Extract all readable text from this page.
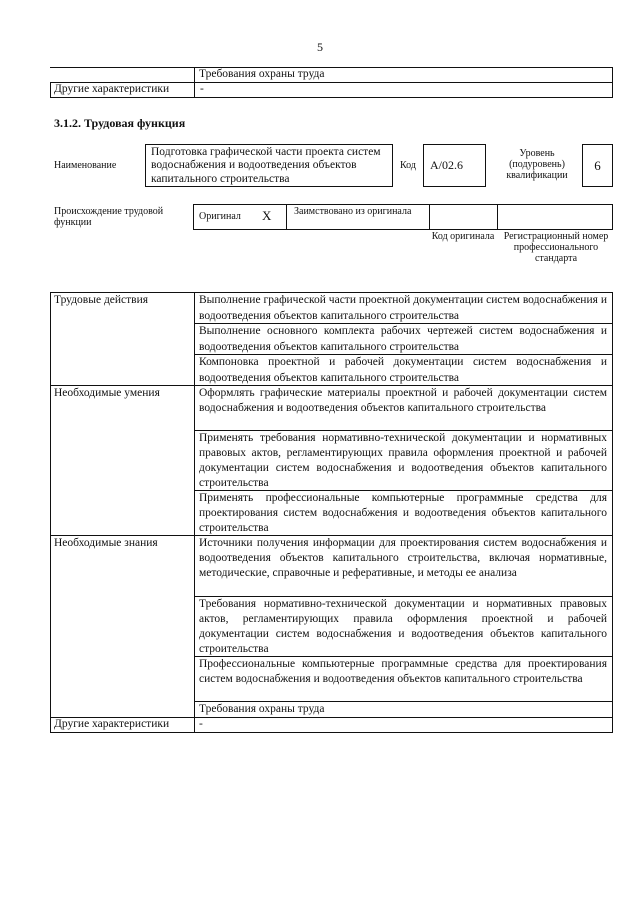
5
Требования охраны труда
Другие характеристики	-
3.1.2. Трудовая функция
Наименование
Подготовка графической части проекта систем водоснабжения и водоотведения объектов капитального строительства
Код А/02.6
Уровень (подуровень) квалификации
6
Происхождение трудовой функции
Оригинал X Заимствовано из оригинала
Код оригинала Регистрационный номер профессионального стандарта
Трудовые действия
Необходимые умения
Необходимые знания
Другие характеристики	-
Выполнение графической части проектной документации систем водоснабжения и водоотведения объектов капитального строительства
Выполнение основного комплекта рабочих чертежей систем водоснабжения и водоотведения объектов капитального строительства
Компоновка проектной и рабочей документации систем водоснабжения и водоотведения объектов капитального строительства
Оформлять графические материалы проектной и рабочей документации систем водоснабжения и водоотведения объектов капитального строительства
Применять требования нормативно-технической документации и нормативных правовых актов, регламентирующих правила оформления проектной и рабочей документации систем водоснабжения и водоотведения объектов капитального строительства
Применять профессиональные компьютерные программные средства для проектирования систем водоснабжения и водоотведения объектов капитального строительства
Источники получения информации для проектирования систем водоснабжения и водоотведения объектов капитального строительства, включая нормативные, методические, справочные и реферативные, и методы ее анализа
Требования нормативно-технической документации и нормативных правовых актов, регламентирующих правила оформления проектной и рабочей документации систем водоснабжения и водоотведения объектов капитального строительства
Профессиональные компьютерные программные средства для проектирования систем водоснабжения и водоотведения объектов капитального строительства
Требования охраны труда
